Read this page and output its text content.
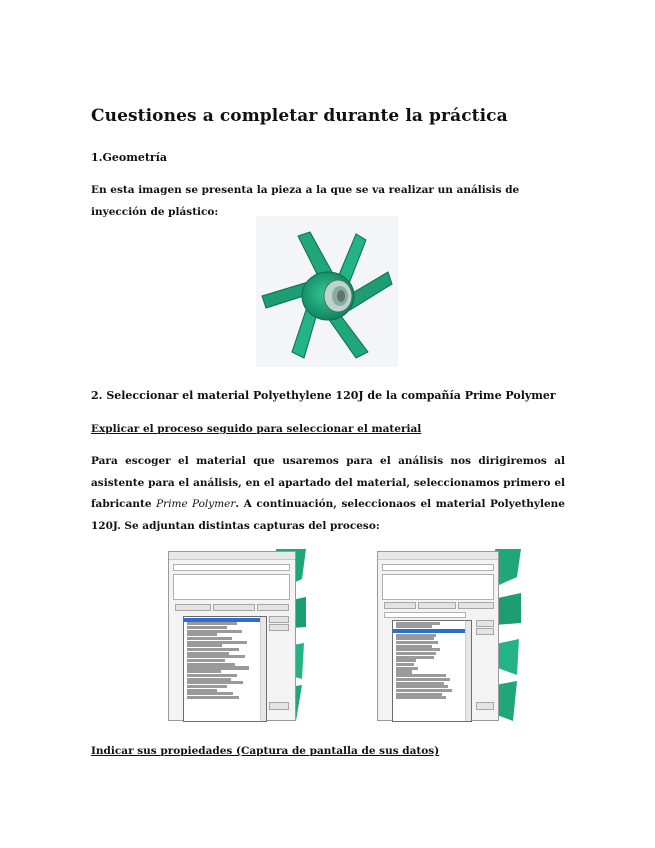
Cuestiones a completar durante la práctica
1.Geometría
En esta imagen se presenta la pieza a la que se va realizar un análisis de inyección de plástico:
2. Seleccionar el material Polyethylene 120J de la compañía Prime Polymer
Explicar el proceso seguido para seleccionar el material
Para escoger el material que usaremos para el análisis nos dirigiremos al asistente para el análisis, en el apartado del material, seleccionamos primero el fabricante Prime Polymer. A continuación, seleccionaos el material Polyethylene 120J. Se adjuntan distintas capturas del proceso:
Indicar sus propiedades (Captura de pantalla de sus datos)
